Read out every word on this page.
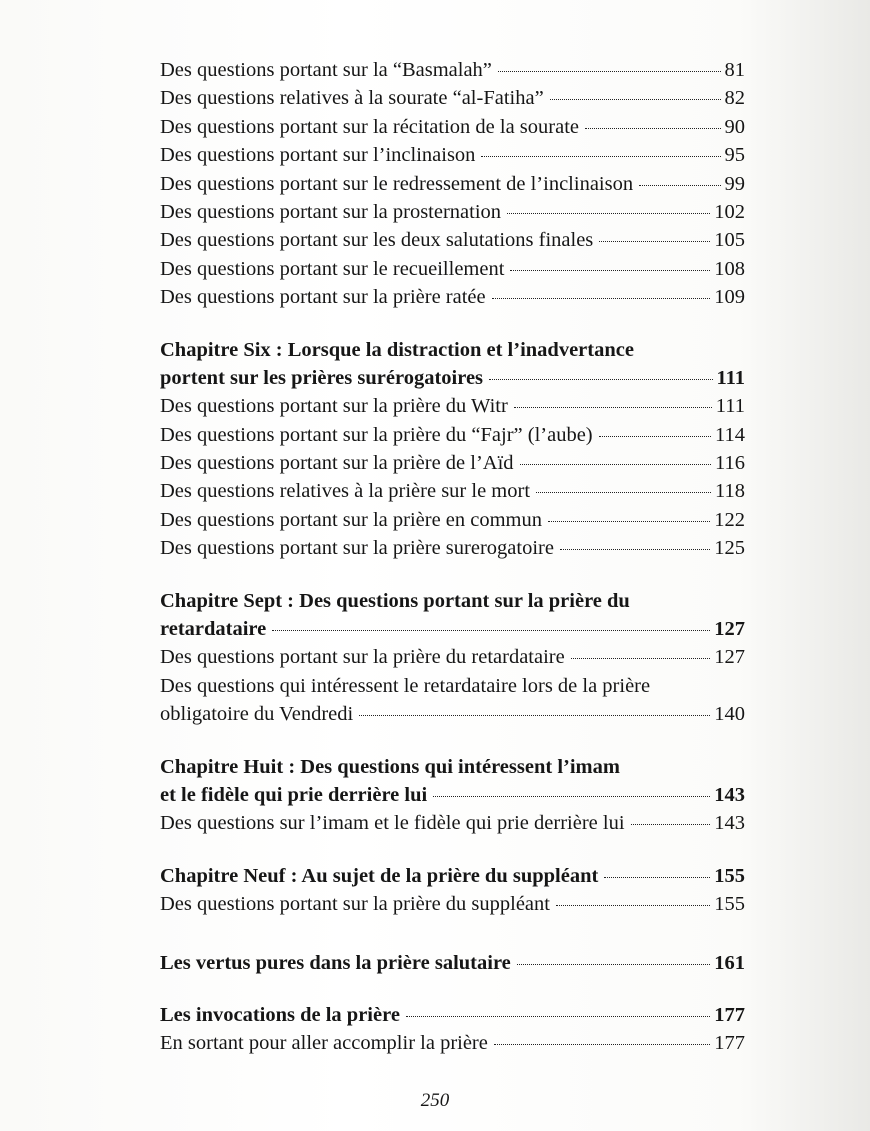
Des questions portant sur la “Basmalah”	81
Des questions relatives à la sourate “al-Fatiha”	82
Des questions portant sur la récitation de la sourate	90
Des questions portant sur l’inclinaison	95
Des questions portant sur le redressement de l’inclinaison	99
Des questions portant sur la prosternation	102
Des questions portant sur les deux salutations finales	105
Des questions portant sur le recueillement	108
Des questions portant sur la prière ratée	109
Chapitre Six : Lorsque la distraction et l’inadvertance
portent sur les prières surérogatoires	111
Des questions portant sur la prière du Witr	111
Des questions portant sur la prière du “Fajr” (l’aube)	114
Des questions portant sur la prière de l’Aïd	116
Des questions relatives à la prière sur le mort	118
Des questions portant sur la prière en commun	122
Des questions portant sur la prière surerogatoire	125
Chapitre Sept : Des questions portant sur la prière du
retardataire	127
Des questions portant sur la prière du retardataire	127
Des questions qui intéressent le retardataire lors de la prière
obligatoire du Vendredi	140
Chapitre Huit : Des questions qui intéressent l’imam
et le fidèle qui prie derrière lui	143
Des questions sur l’imam et le fidèle qui prie derrière lui	143
Chapitre Neuf : Au sujet de la prière du suppléant	155
Des questions portant sur la prière du suppléant	155
Les vertus pures dans la prière salutaire	161
Les invocations de la prière	177
En sortant pour aller accomplir la prière	177
250
